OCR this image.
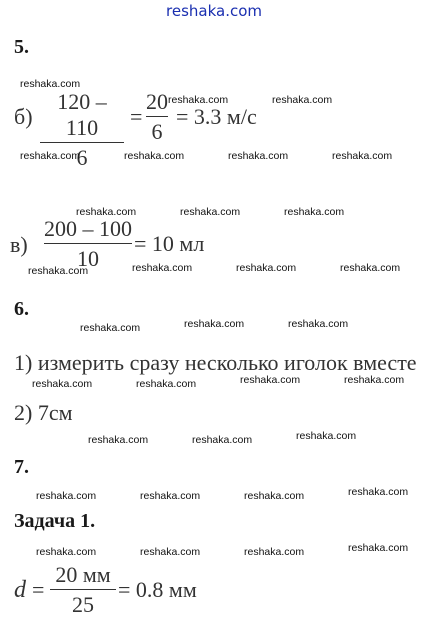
reshaka.com
5.
б)
120 – 110
6
=
20
6
= 3.3 м/с
в)
200 – 100
10
= 10 мл
6.
1) измерить сразу несколько иголок вместе
2) 7см
7.
Задача 1.
d =
20 мм
25
= 0.8 мм
reshaka.com
reshaka.com	reshaka.com
reshaka.com	reshaka.com	reshaka.com	reshaka.com
reshaka.com	reshaka.com	reshaka.com
reshaka.com	reshaka.com	reshaka.com	reshaka.com
reshaka.com	reshaka.com	reshaka.com
reshaka.com	reshaka.com	reshaka.com	reshaka.com
reshaka.com	reshaka.com	reshaka.com
reshaka.com	reshaka.com	reshaka.com	reshaka.com
reshaka.com	reshaka.com	reshaka.com	reshaka.com
